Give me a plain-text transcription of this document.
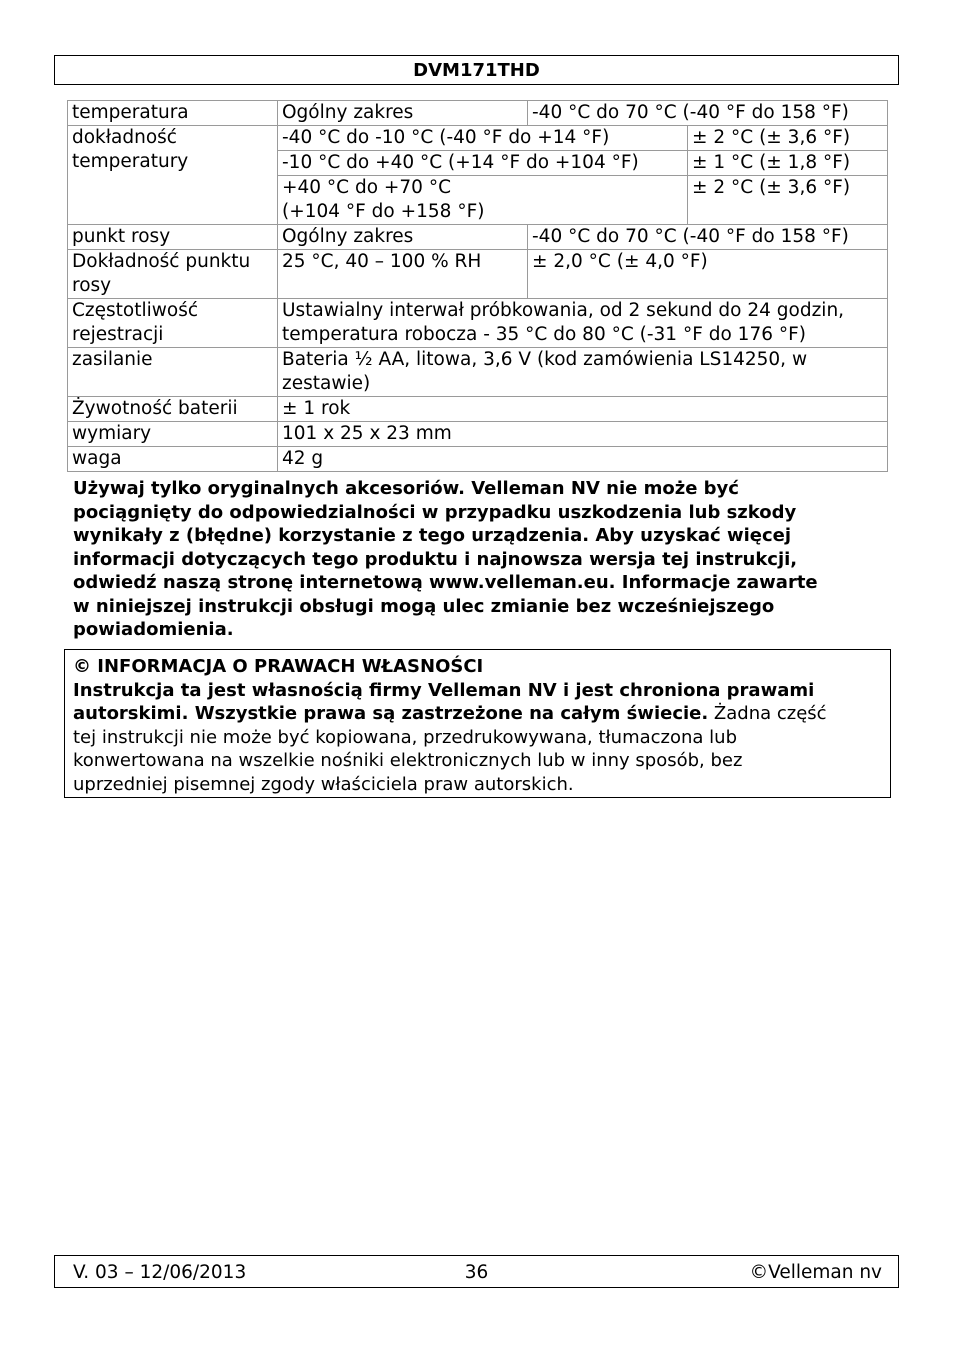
DVM171THD
temperatura	Ogólny zakres	-40 °C do 70 °C (-40 °F do 158 °F)	
dokładność temperatury	-40 °C do -10 °C (-40 °F do +14 °F)		± 2 °C (± 3,6 °F)
	-10 °C do +40 °C (+14 °F do +104 °F)		± 1 °C (± 1,8 °F)

	+40 °C do +70 °C
(+104 °F do +158 °F)		± 2 °C (± 3,6 °F)
punkt rosy	Ogólny zakres	-40 °C do 70 °C (-40 °F do 158 °F)	
Dokładność punktu rosy	25 °C, 40 – 100 % RH	± 2,0 °C (± 4,0 °F)	
Częstotliwość rejestracji	Ustawialny interwał próbkowania, od 2 sekund do 24 godzin, temperatura robocza - 35 °C do 80 °C (-31 °F do 176 °F)		
zasilanie	Bateria ½ AA, litowa, 3,6 V (kod zamówienia LS14250, w zestawie)		
Żywotność baterii	± 1 rok		
wymiary	101 x 25 x 23 mm		
waga	42 g		
Używaj tylko oryginalnych akcesoriów. Velleman NV nie może być
pociągnięty do odpowiedzialności w przypadku uszkodzenia lub szkody
wynikały z (błędne) korzystanie z tego urządzenia. Aby uzyskać więcej
informacji dotyczących tego produktu i najnowsza wersja tej instrukcji,
odwiedź naszą stronę internetową www.velleman.eu. Informacje zawarte
w niniejszej instrukcji obsługi mogą ulec zmianie bez wcześniejszego
powiadomienia.
© INFORMACJA O PRAWACH WŁASNOŚCI
Instrukcja ta jest własnością firmy Velleman NV i jest chroniona prawami
autorskimi. Wszystkie prawa są zastrzeżone na całym świecie. Żadna część
tej instrukcji nie może być kopiowana, przedrukowywana, tłumaczona lub
konwertowana na wszelkie nośniki elektronicznych lub w inny sposób, bez
uprzedniej pisemnej zgody właściciela praw autorskich.
V. 03 – 12/06/2013	36	©Velleman nv
